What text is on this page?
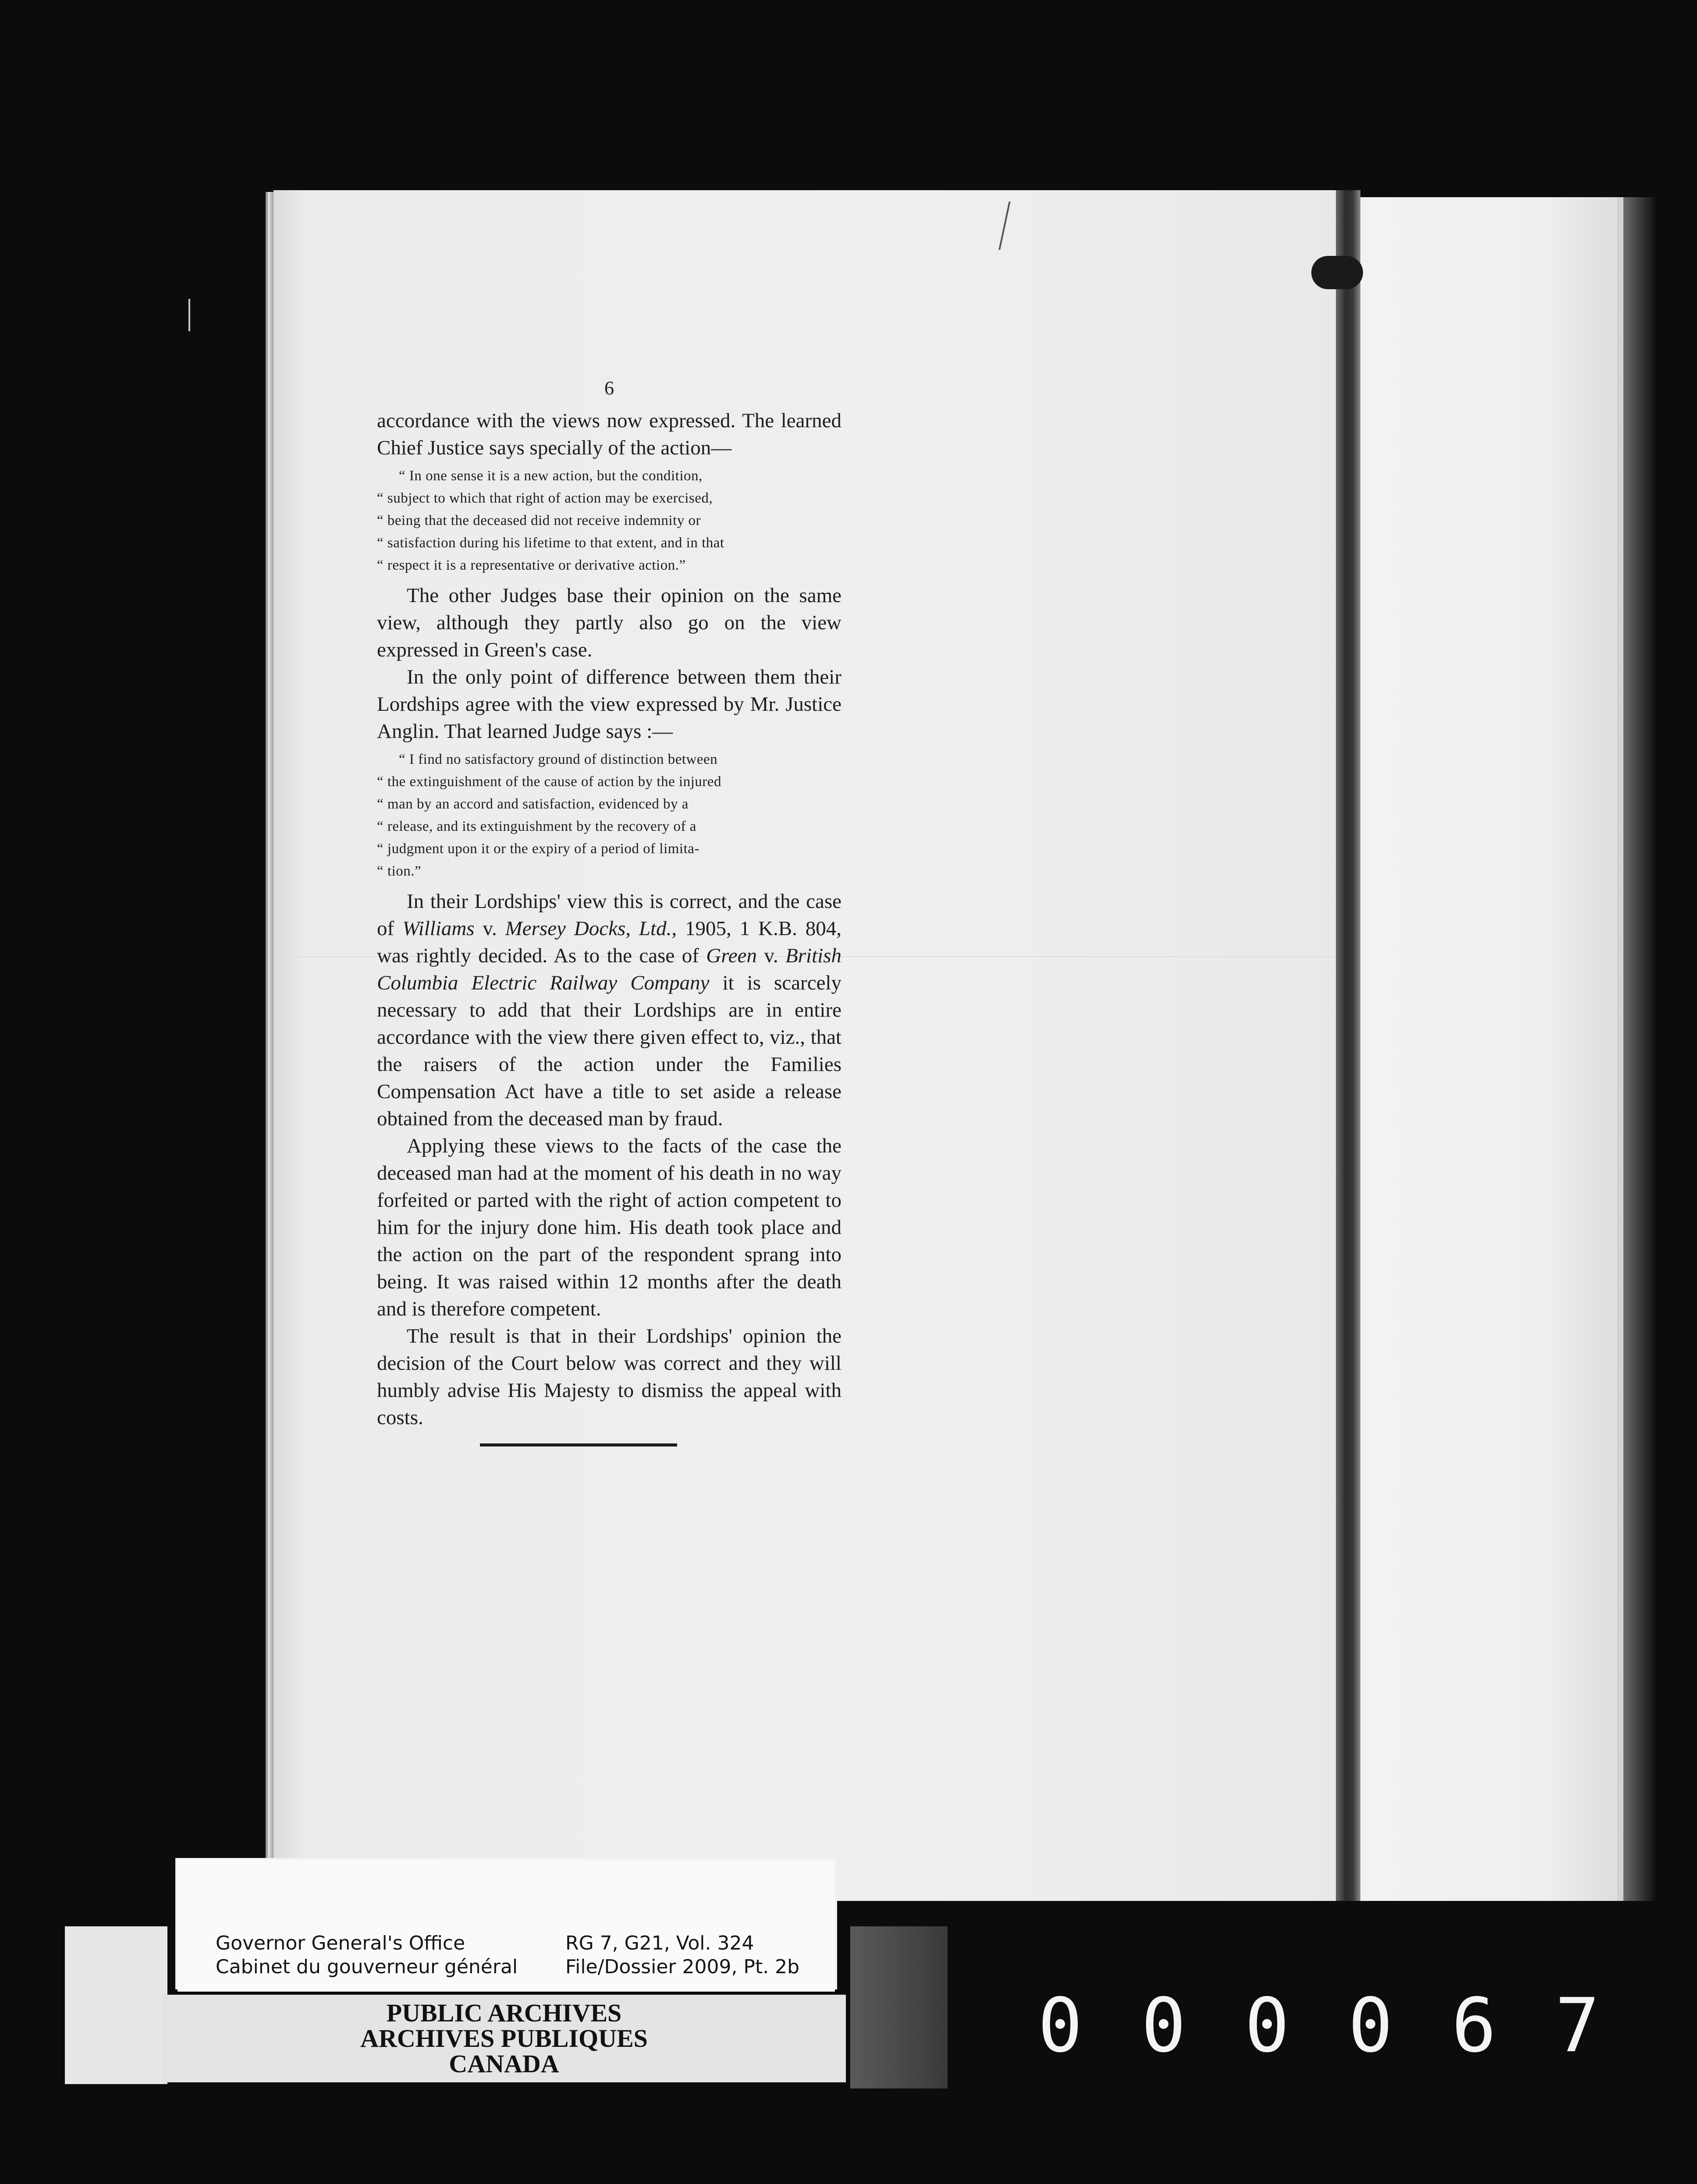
6

accordance with the views now expressed. The learned Chief Justice says specially of the action—

“ In one sense it is a new action, but the condition,
“ subject to which that right of action may be exercised,
“ being that the deceased did not receive indemnity or
“ satisfaction during his lifetime to that extent, and in that
“ respect it is a representative or derivative action.”

The other Judges base their opinion on the same view, although they partly also go on the view expressed in Green's case.

In the only point of difference between them their Lordships agree with the view expressed by Mr. Justice Anglin. That learned Judge says :—

“ I find no satisfactory ground of distinction between
“ the extinguishment of the cause of action by the injured
“ man by an accord and satisfaction, evidenced by a
“ release, and its extinguishment by the recovery of a
“ judgment upon it or the expiry of a period of limita-
“ tion.”

In their Lordships' view this is correct, and the case of Williams v. Mersey Docks, Ltd., 1905, 1 K.B. 804, was rightly decided. As to the case of Green v. British Columbia Electric Railway Company it is scarcely necessary to add that their Lordships are in entire accordance with the view there given effect to, viz., that the raisers of the action under the Families Compensation Act have a title to set aside a release obtained from the deceased man by fraud.

Applying these views to the facts of the case the deceased man had at the moment of his death in no way forfeited or parted with the right of action competent to him for the injury done him. His death took place and the action on the part of the respondent sprang into being. It was raised within 12 months after the death and is therefore competent.

The result is that in their Lordships' opinion the decision of the Court below was correct and they will humbly advise His Majesty to dismiss the appeal with costs.

Governor General's Office
Cabinet du gouverneur général
RG 7, G21, Vol. 324
File/Dossier 2009, Pt. 2b
PUBLIC ARCHIVES
ARCHIVES PUBLIQUES
CANADA	0 0 0 0 6 7
